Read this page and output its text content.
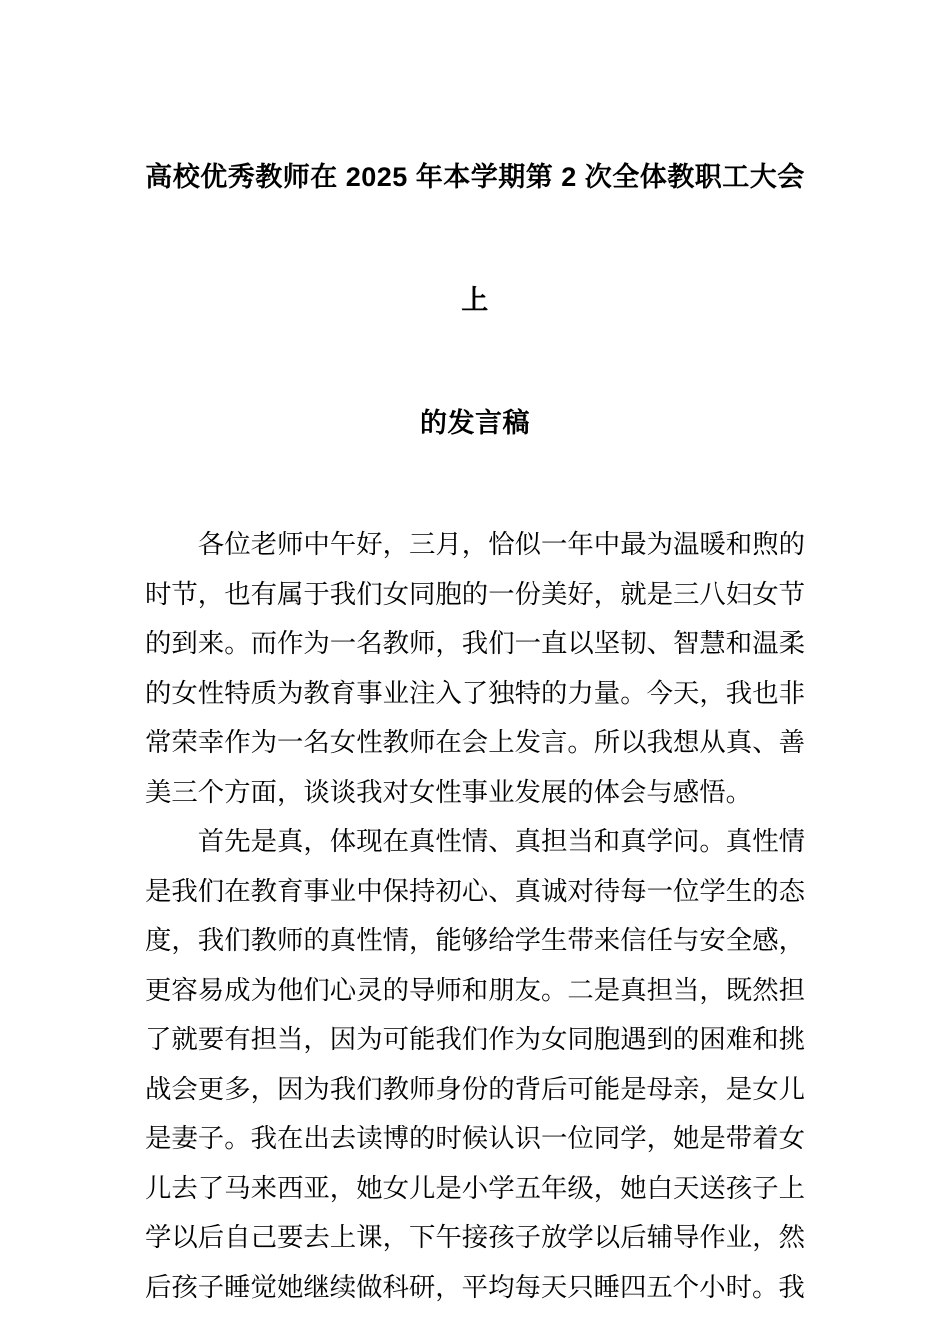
高校优秀教师在 2025 年本学期第 2 次全体教职工大会上
的发言稿

各位老师中午好，三月，恰似一年中最为温暖和煦的时节，也有属于我们女同胞的一份美好，就是三八妇女节的到来。而作为一名教师，我们一直以坚韧、智慧和温柔的女性特质为教育事业注入了独特的力量。今天，我也非常荣幸作为一名女性教师在会上发言。所以我想从真、善美三个方面，谈谈我对女性事业发展的体会与感悟。

首先是真，体现在真性情、真担当和真学问。真性情是我们在教育事业中保持初心、真诚对待每一位学生的态度，我们教师的真性情，能够给学生带来信任与安全感，更容易成为他们心灵的导师和朋友。二是真担当，既然担了就要有担当，因为可能我们作为女同胞遇到的困难和挑战会更多，因为我们教师身份的背后可能是母亲，是女儿是妻子。我在出去读博的时候认识一位同学，她是带着女儿去了马来西亚，她女儿是小学五年级，她白天送孩子上学以后自己要去上课，下午接孩子放学以后辅导作业，然后孩子睡觉她继续做科研，平均每天只睡四五个小时。我
